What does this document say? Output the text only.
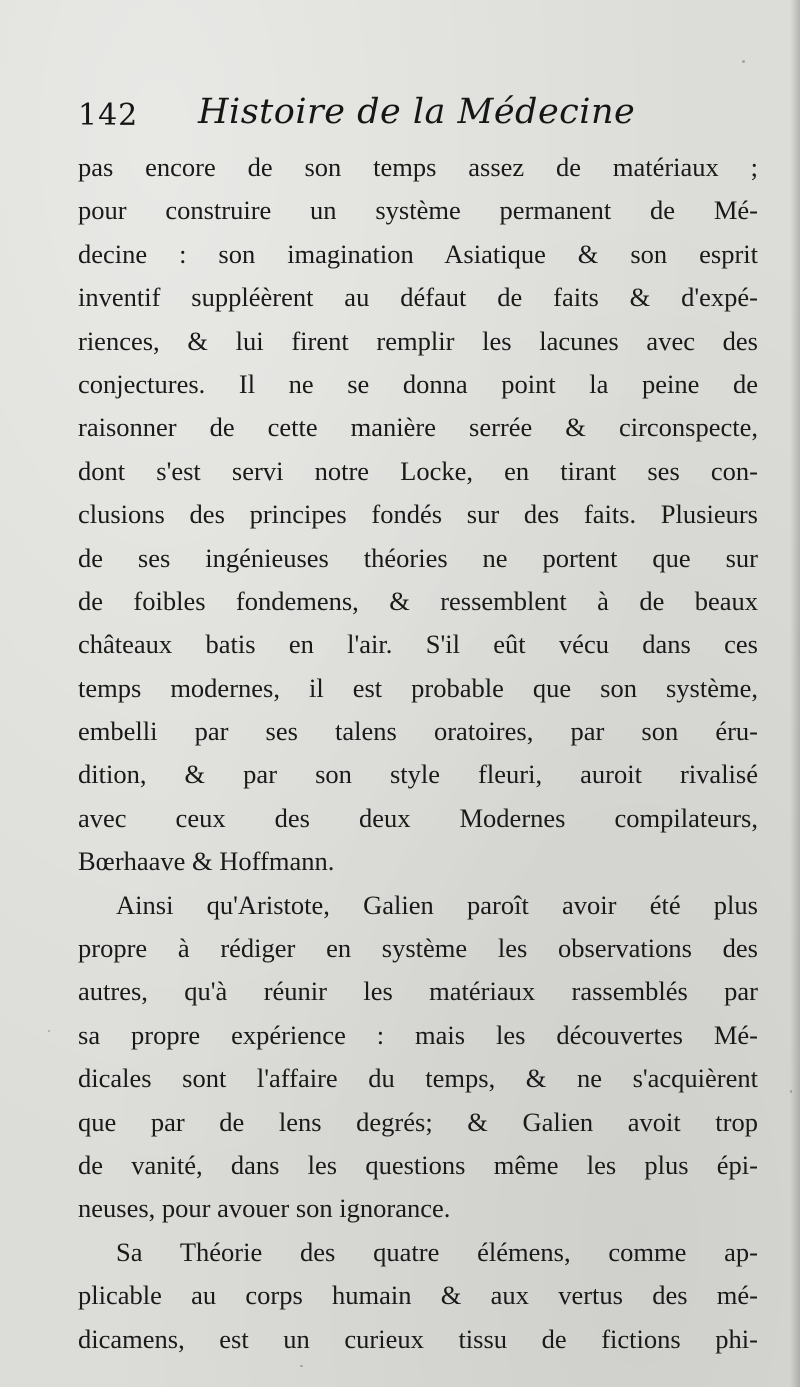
142 Histoire de la Médecine
pas encore de son temps assez de matériaux ;
pour construire un système permanent de Mé-
decine : son imagination Asiatique & son esprit
inventif suppléèrent au défaut de faits & d'expé-
riences, & lui firent remplir les lacunes avec des
conjectures. Il ne se donna point la peine de
raisonner de cette manière serrée & circonspecte,
dont s'est servi notre Locke, en tirant ses con-
clusions des principes fondés sur des faits. Plusieurs
de ses ingénieuses théories ne portent que sur
de foibles fondemens, & ressemblent à de beaux
châteaux batis en l'air. S'il eût vécu dans ces
temps modernes, il est probable que son système,
embelli par ses talens oratoires, par son éru-
dition, & par son style fleuri, auroit rivalisé
avec ceux des deux Modernes compilateurs,
Bœrhaave & Hoffmann.
Ainsi qu'Aristote, Galien paroît avoir été plus
propre à rédiger en système les observations des
autres, qu'à réunir les matériaux rassemblés par
sa propre expérience : mais les découvertes Mé-
dicales sont l'affaire du temps, & ne s'acquièrent
que par de lens degrés; & Galien avoit trop
de vanité, dans les questions même les plus épi-
neuses, pour avouer son ignorance.
Sa Théorie des quatre élémens, comme ap-
plicable au corps humain & aux vertus des mé-
dicamens, est un curieux tissu de fictions phi-
